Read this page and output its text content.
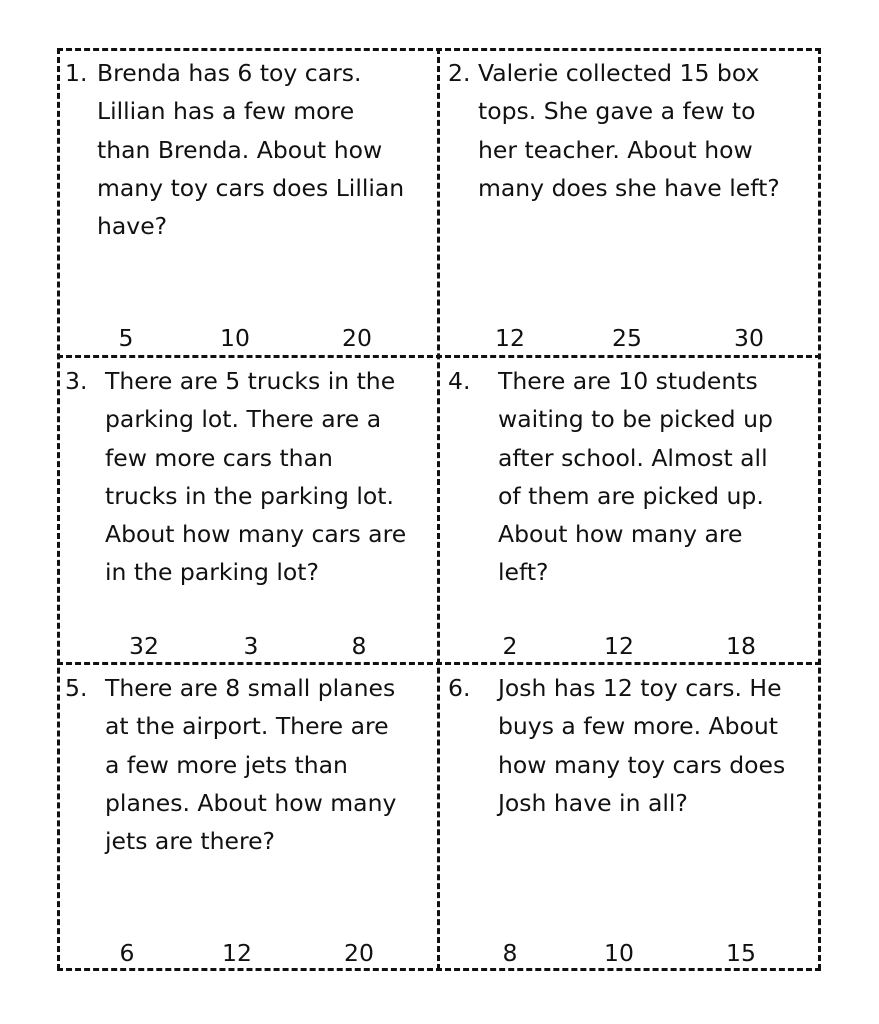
1. Brenda has 6 toy cars.
Lillian has a few more
than Brenda. About how
many toy cars does Lillian
have?
5	10	20
2. Valerie collected 15 box
tops. She gave a few to
her teacher. About how
many does she have left?
12	25	30
3. There are 5 trucks in the
parking lot. There are a
few more cars than
trucks in the parking lot.
About how many cars are
in the parking lot?
32	3	8
4. There are 10 students
waiting to be picked up
after school. Almost all
of them are picked up.
About how many are
left?
2	12	18
5. There are 8 small planes
at the airport. There are
a few more jets than
planes. About how many
jets are there?
6	12	20
6. Josh has 12 toy cars. He
buys a few more. About
how many toy cars does
Josh have in all?
8	10	15
